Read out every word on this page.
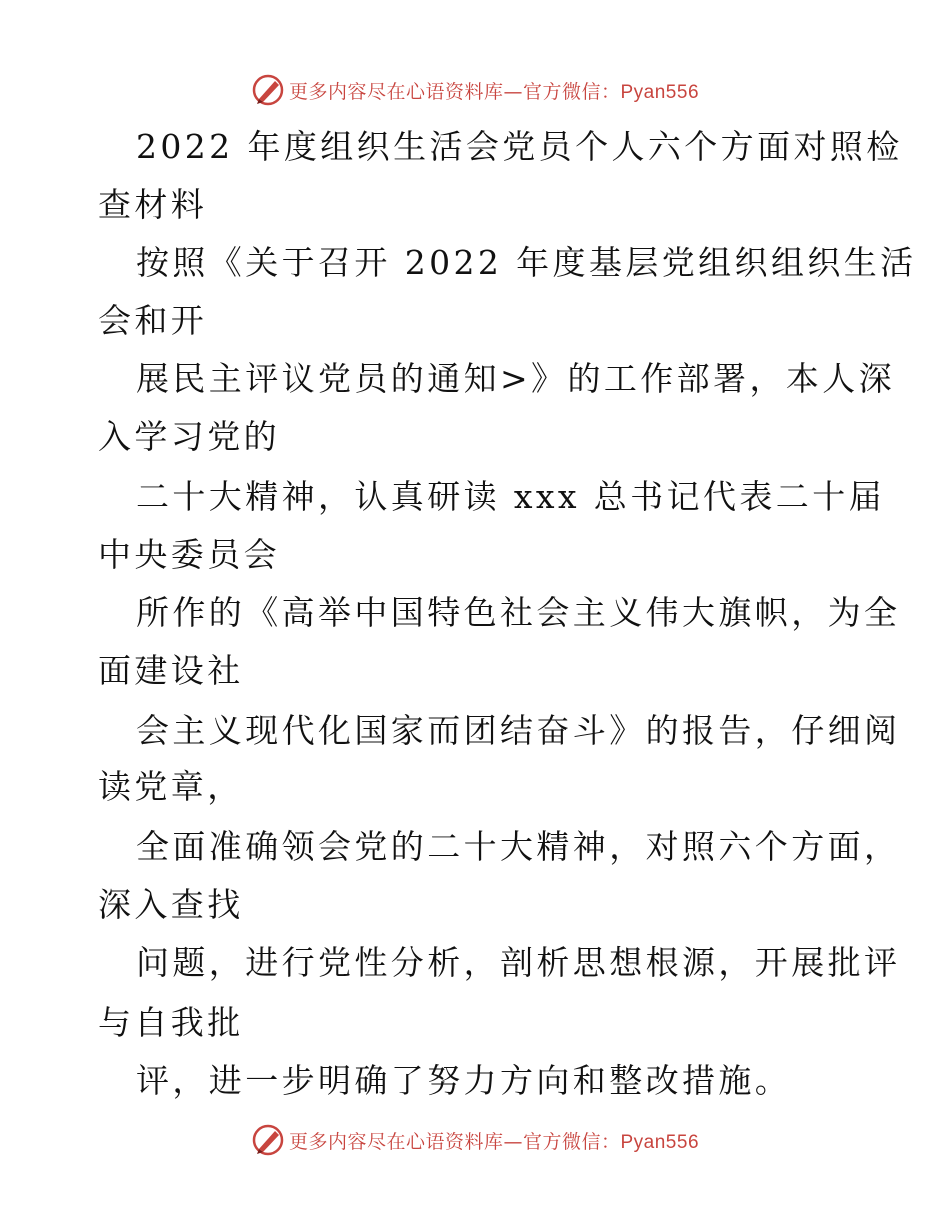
更多内容尽在心语资料库—官方微信：Pyan556
2022 年度组织生活会党员个人六个方面对照检
查材料
按照《关于召开 2022 年度基层党组织组织生活
会和开
展民主评议党员的通知>》的工作部署，本人深
入学习党的
二十大精神，认真研读 xxx 总书记代表二十届
中央委员会
所作的《高举中国特色社会主义伟大旗帜，为全
面建设社
会主义现代化国家而团结奋斗》的报告，仔细阅
读党章，
全面准确领会党的二十大精神，对照六个方面，
深入查找
问题，进行党性分析，剖析思想根源，开展批评
与自我批
评，进一步明确了努力方向和整改措施。
更多内容尽在心语资料库—官方微信：Pyan556
